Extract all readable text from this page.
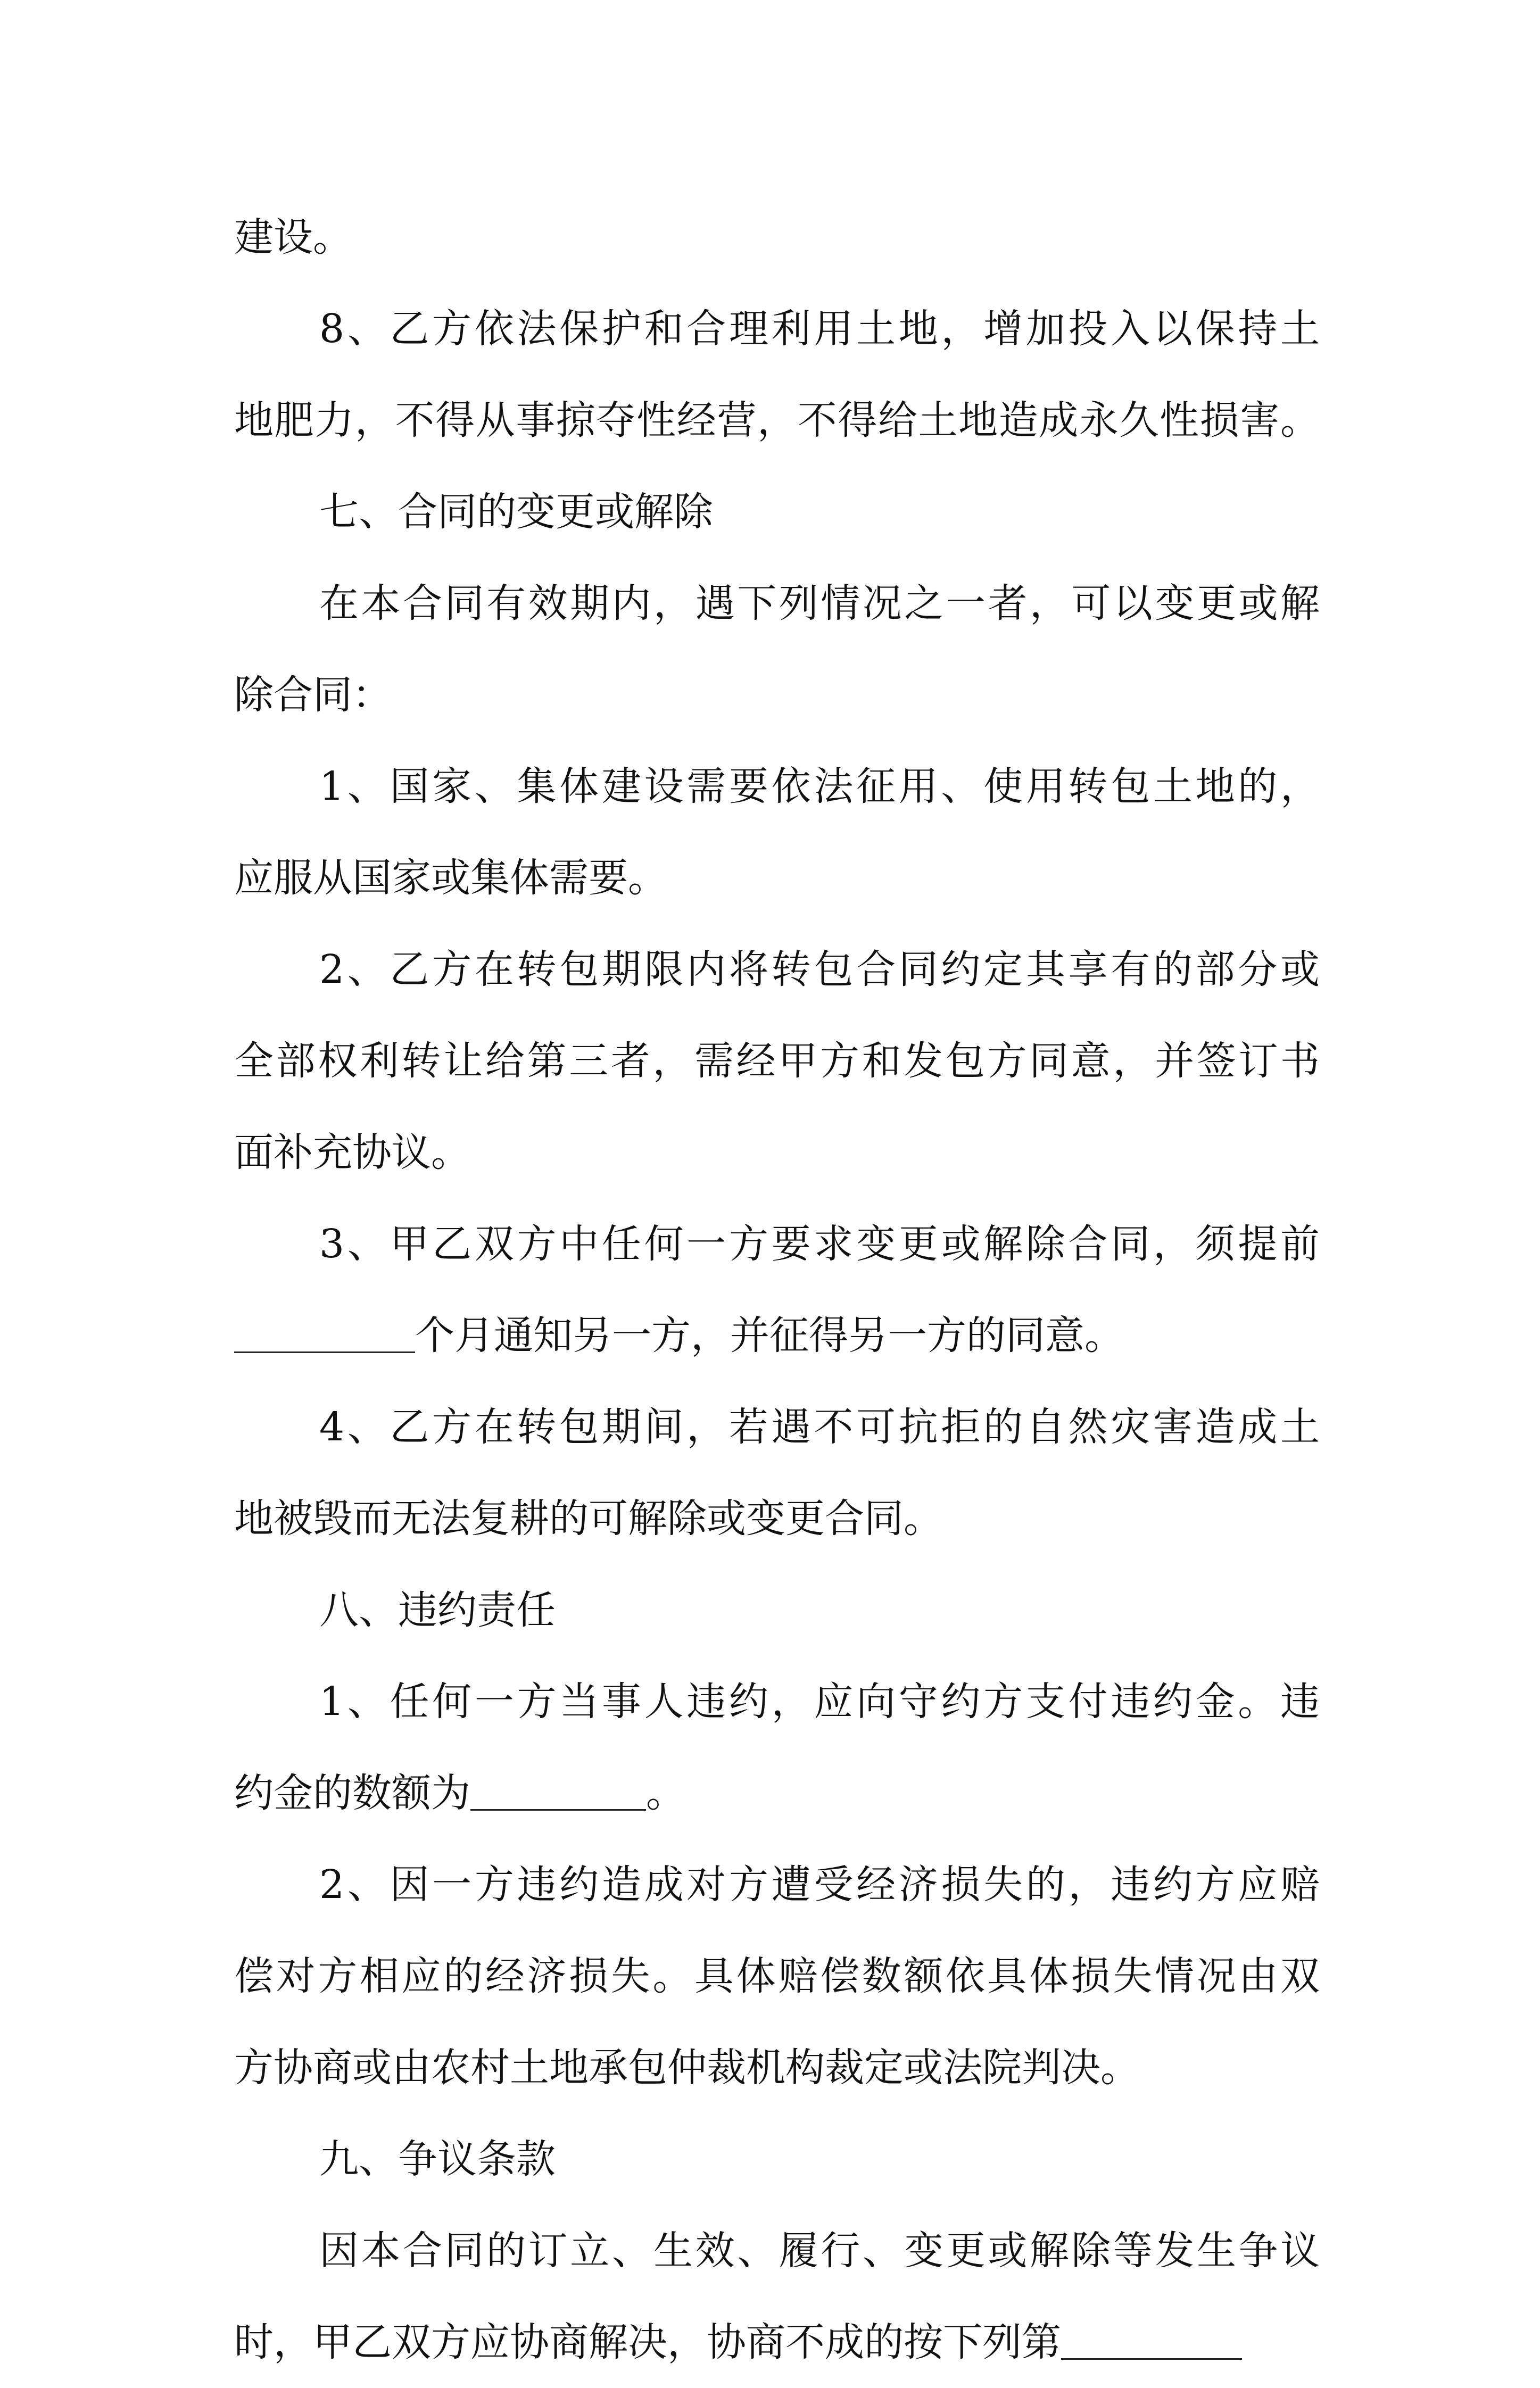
建设。
8、乙方依法保护和合理利用土地，增加投入以保持土
地肥力，不得从事掠夺性经营，不得给土地造成永久性损害。
七、合同的变更或解除
在本合同有效期内，遇下列情况之一者，可以变更或解
除合同：
1、国家、集体建设需要依法征用、使用转包土地的，
应服从国家或集体需要。
2、乙方在转包期限内将转包合同约定其享有的部分或
全部权利转让给第三者，需经甲方和发包方同意，并签订书
面补充协议。
3、甲乙双方中任何一方要求变更或解除合同，须提前
个月通知另一方，并征得另一方的同意。
4、乙方在转包期间，若遇不可抗拒的自然灾害造成土
地被毁而无法复耕的可解除或变更合同。
八、违约责任
1、任何一方当事人违约，应向守约方支付违约金。违
约金的数额为	。
2、因一方违约造成对方遭受经济损失的，违约方应赔
偿对方相应的经济损失。具体赔偿数额依具体损失情况由双
方协商或由农村土地承包仲裁机构裁定或法院判决。
九、争议条款
因本合同的订立、生效、履行、变更或解除等发生争议
时，甲乙双方应协商解决，协商不成的按下列第
